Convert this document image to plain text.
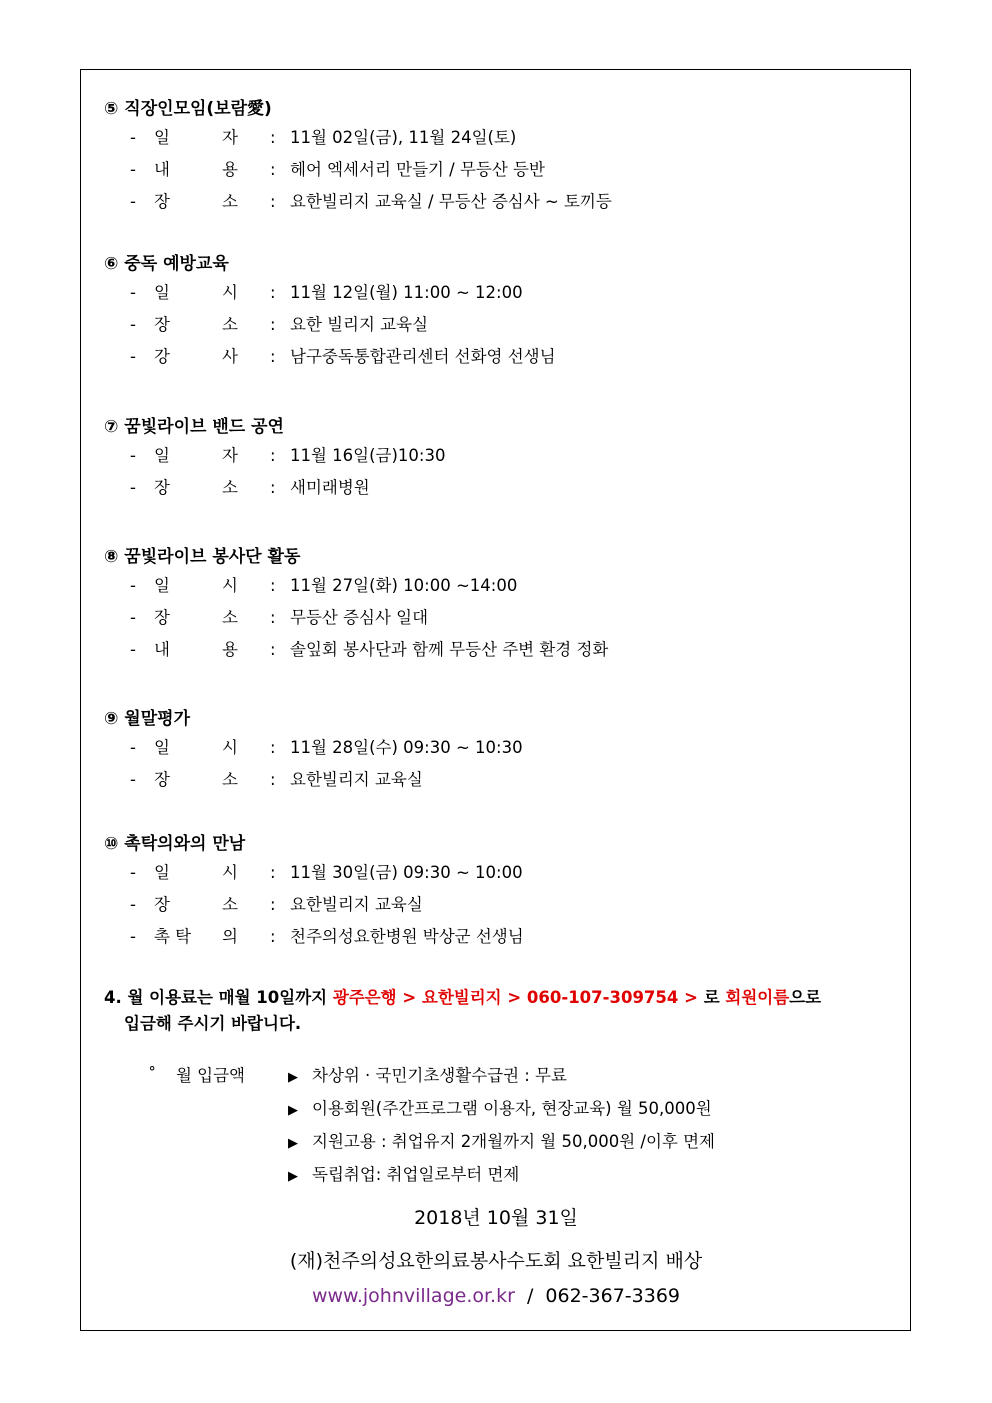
⑤ 직장인모임(보람愛)
- 일	자 : 11월 02일(금), 11월 24일(토)
- 내	용 : 헤어 엑세서리 만들기 / 무등산 등반
- 장	소 : 요한빌리지 교육실 / 무등산 증심사 ~ 토끼등
⑥ 중독 예방교육
- 일	시 : 11월 12일(월) 11:00 ~ 12:00
- 장	소 : 요한 빌리지 교육실
- 강	사 : 남구중독통합관리센터 선화영 선생님
⑦ 꿈빛라이브 밴드 공연
- 일	자 : 11월 16일(금)10:30
- 장	소 : 새미래병원
⑧ 꿈빛라이브 봉사단 활동
- 일	시 : 11월 27일(화) 10:00 ~14:00
- 장	소 : 무등산 증심사 일대
- 내	용 : 솔잎회 봉사단과 함께 무등산 주변 환경 정화
⑨ 월말평가
- 일	시 : 11월 28일(수) 09:30 ~ 10:30
- 장	소 : 요한빌리지 교육실
⑩ 촉탁의와의 만남
- 일	시 : 11월 30일(금) 09:30 ~ 10:00
- 장	소 : 요한빌리지 교육실
- 촉 탁 의 : 천주의성요한병원 박상군 선생님
4. 월 이용료는 매월 10일까지 광주은행 > 요한빌리지 > 060-107-309754 > 로 회원이름으로
입금해 주시기 바랍니다.
˚ 월 입금액	▶ 차상위 · 국민기초생활수급권 : 무료
▶ 이용회원(주간프로그램 이용자, 현장교육) 월 50,000원
▶ 지원고용 : 취업유지 2개월까지 월 50,000원 /이후 면제
▶ 독립취업: 취업일로부터 면제
2018년 10월 31일
(재)천주의성요한의료봉사수도회 요한빌리지 배상
www.johnvillage.or.kr / 062-367-3369
